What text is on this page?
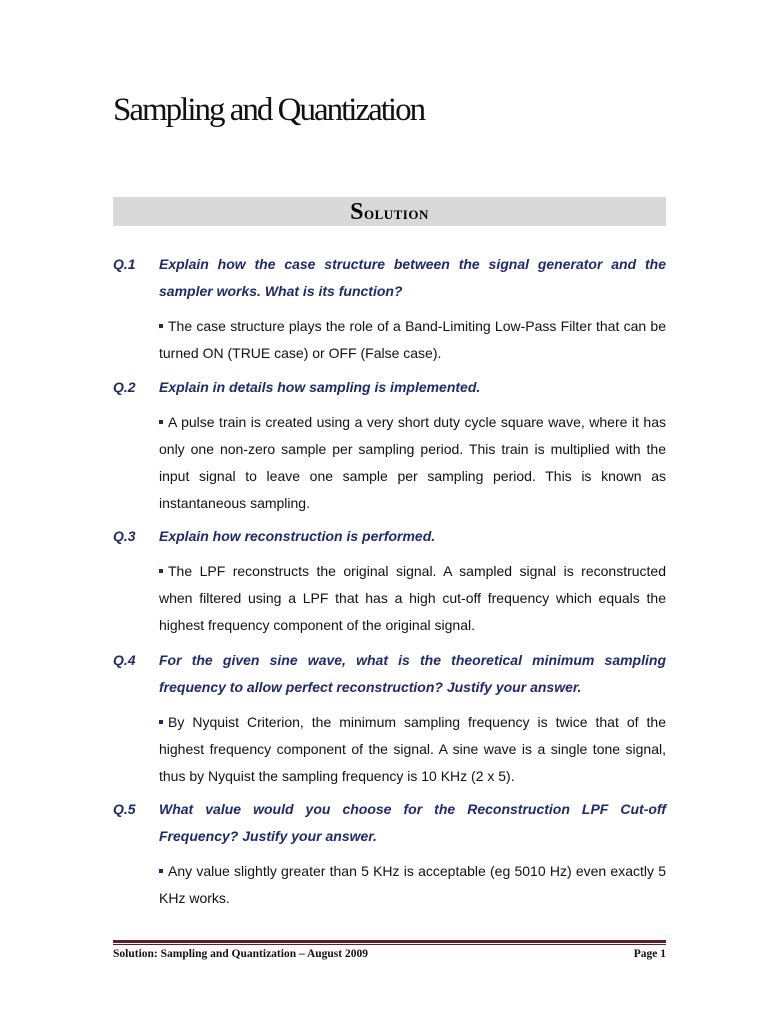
Sampling and Quantization
Solution
Q.1 Explain how the case structure between the signal generator and the sampler works. What is its function?
The case structure plays the role of a Band-Limiting Low-Pass Filter that can be turned ON (TRUE case) or OFF (False case).
Q.2 Explain in details how sampling is implemented.
A pulse train is created using a very short duty cycle square wave, where it has only one non-zero sample per sampling period. This train is multiplied with the input signal to leave one sample per sampling period. This is known as instantaneous sampling.
Q.3 Explain how reconstruction is performed.
The LPF reconstructs the original signal. A sampled signal is reconstructed when filtered using a LPF that has a high cut-off frequency which equals the highest frequency component of the original signal.
Q.4 For the given sine wave, what is the theoretical minimum sampling frequency to allow perfect reconstruction? Justify your answer.
By Nyquist Criterion, the minimum sampling frequency is twice that of the highest frequency component of the signal. A sine wave is a single tone signal, thus by Nyquist the sampling frequency is 10 KHz (2 x 5).
Q.5 What value would you choose for the Reconstruction LPF Cut-off Frequency? Justify your answer.
Any value slightly greater than 5 KHz is acceptable (eg 5010 Hz) even exactly 5 KHz works.
Solution: Sampling and Quantization – August 2009	Page 1
